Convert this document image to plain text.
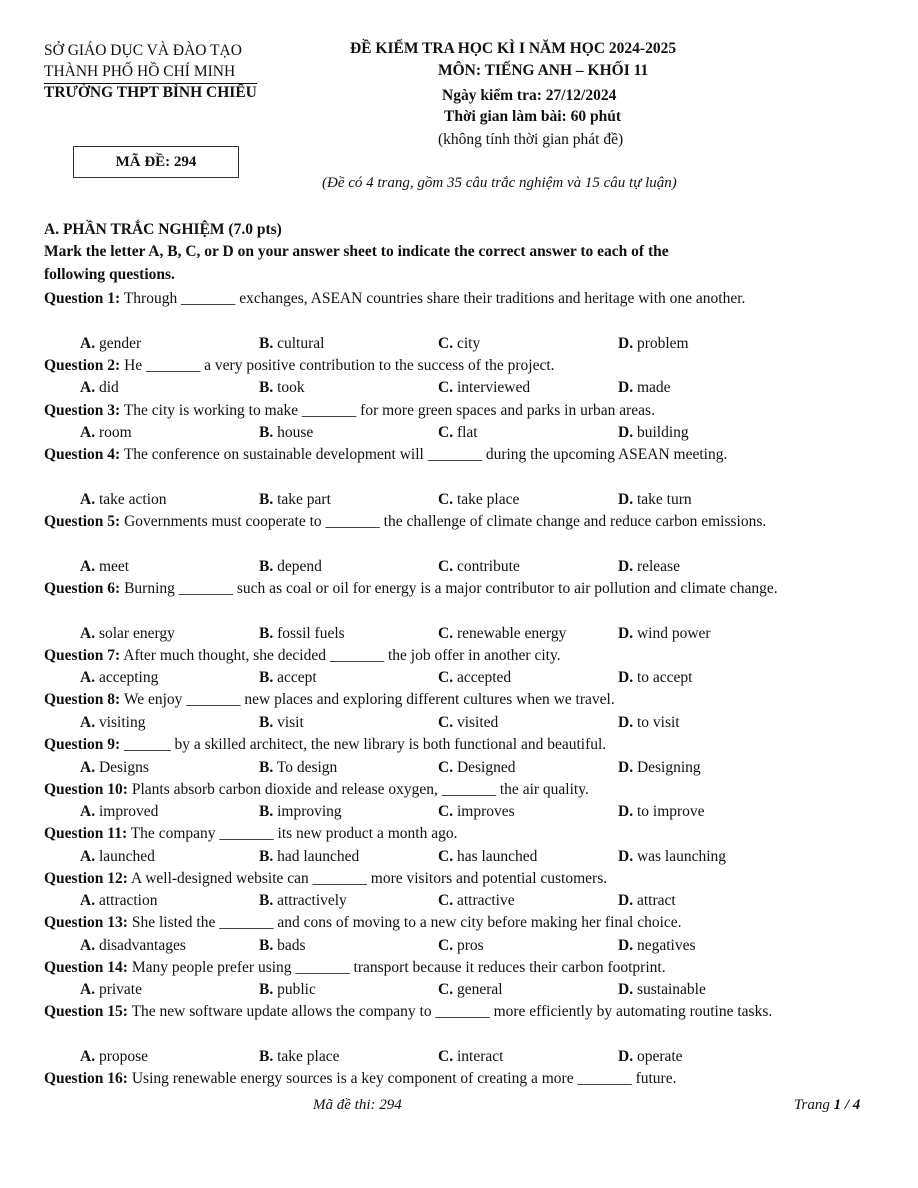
SỞ GIÁO DỤC VÀ ĐÀO TẠO
THÀNH PHỐ HỒ CHÍ MINH
TRƯỜNG THPT BÌNH CHIỂU
ĐỀ KIỂM TRA HỌC KÌ I NĂM HỌC 2024-2025
MÔN: TIẾNG ANH – KHỐI 11
Ngày kiểm tra: 27/12/2024
Thời gian làm bài: 60 phút
(không tính thời gian phát đề)
MÃ ĐỀ: 294
(Đề có 4 trang, gồm 35 câu trắc nghiệm và 15 câu tự luận)
A. PHẦN TRẮC NGHIỆM (7.0 pts)
Mark the letter A, B, C, or D on your answer sheet to indicate the correct answer to each of the
following questions.
Question 1: Through _______ exchanges, ASEAN countries share their traditions and heritage with one another.
A. gender	B. cultural	C. city	D. problem
Question 2: He _______ a very positive contribution to the success of the project.
A. did	B. took	C. interviewed	D. made
Question 3: The city is working to make _______ for more green spaces and parks in urban areas.
A. room	B. house	C. flat	D. building
Question 4: The conference on sustainable development will _______ during the upcoming ASEAN meeting.
A. take action	B. take part	C. take place	D. take turn
Question 5: Governments must cooperate to _______ the challenge of climate change and reduce carbon emissions.
A. meet	B. depend	C. contribute	D. release
Question 6: Burning _______ such as coal or oil for energy is a major contributor to air pollution and climate change.
A. solar energy	B. fossil fuels	C. renewable energy	D. wind power
Question 7: After much thought, she decided _______ the job offer in another city.
A. accepting	B. accept	C. accepted	D. to accept
Question 8: We enjoy _______ new places and exploring different cultures when we travel.
A. visiting	B. visit	C. visited	D. to visit
Question 9: ______ by a skilled architect, the new library is both functional and beautiful.
A. Designs	B. To design	C. Designed	D. Designing
Question 10: Plants absorb carbon dioxide and release oxygen, _______ the air quality.
A. improved	B. improving	C. improves	D. to improve
Question 11: The company _______ its new product a month ago.
A. launched	B. had launched	C. has launched	D. was launching
Question 12: A well-designed website can _______ more visitors and potential customers.
A. attraction	B. attractively	C. attractive	D. attract
Question 13: She listed the _______ and cons of moving to a new city before making her final choice.
A. disadvantages	B. bads	C. pros	D. negatives
Question 14: Many people prefer using _______ transport because it reduces their carbon footprint.
A. private	B. public	C. general	D. sustainable
Question 15: The new software update allows the company to _______ more efficiently by automating routine tasks.
A. propose	B. take place	C. interact	D. operate
Question 16: Using renewable energy sources is a key component of creating a more _______ future.
Mã đề thi: 294	Trang 1 / 4
